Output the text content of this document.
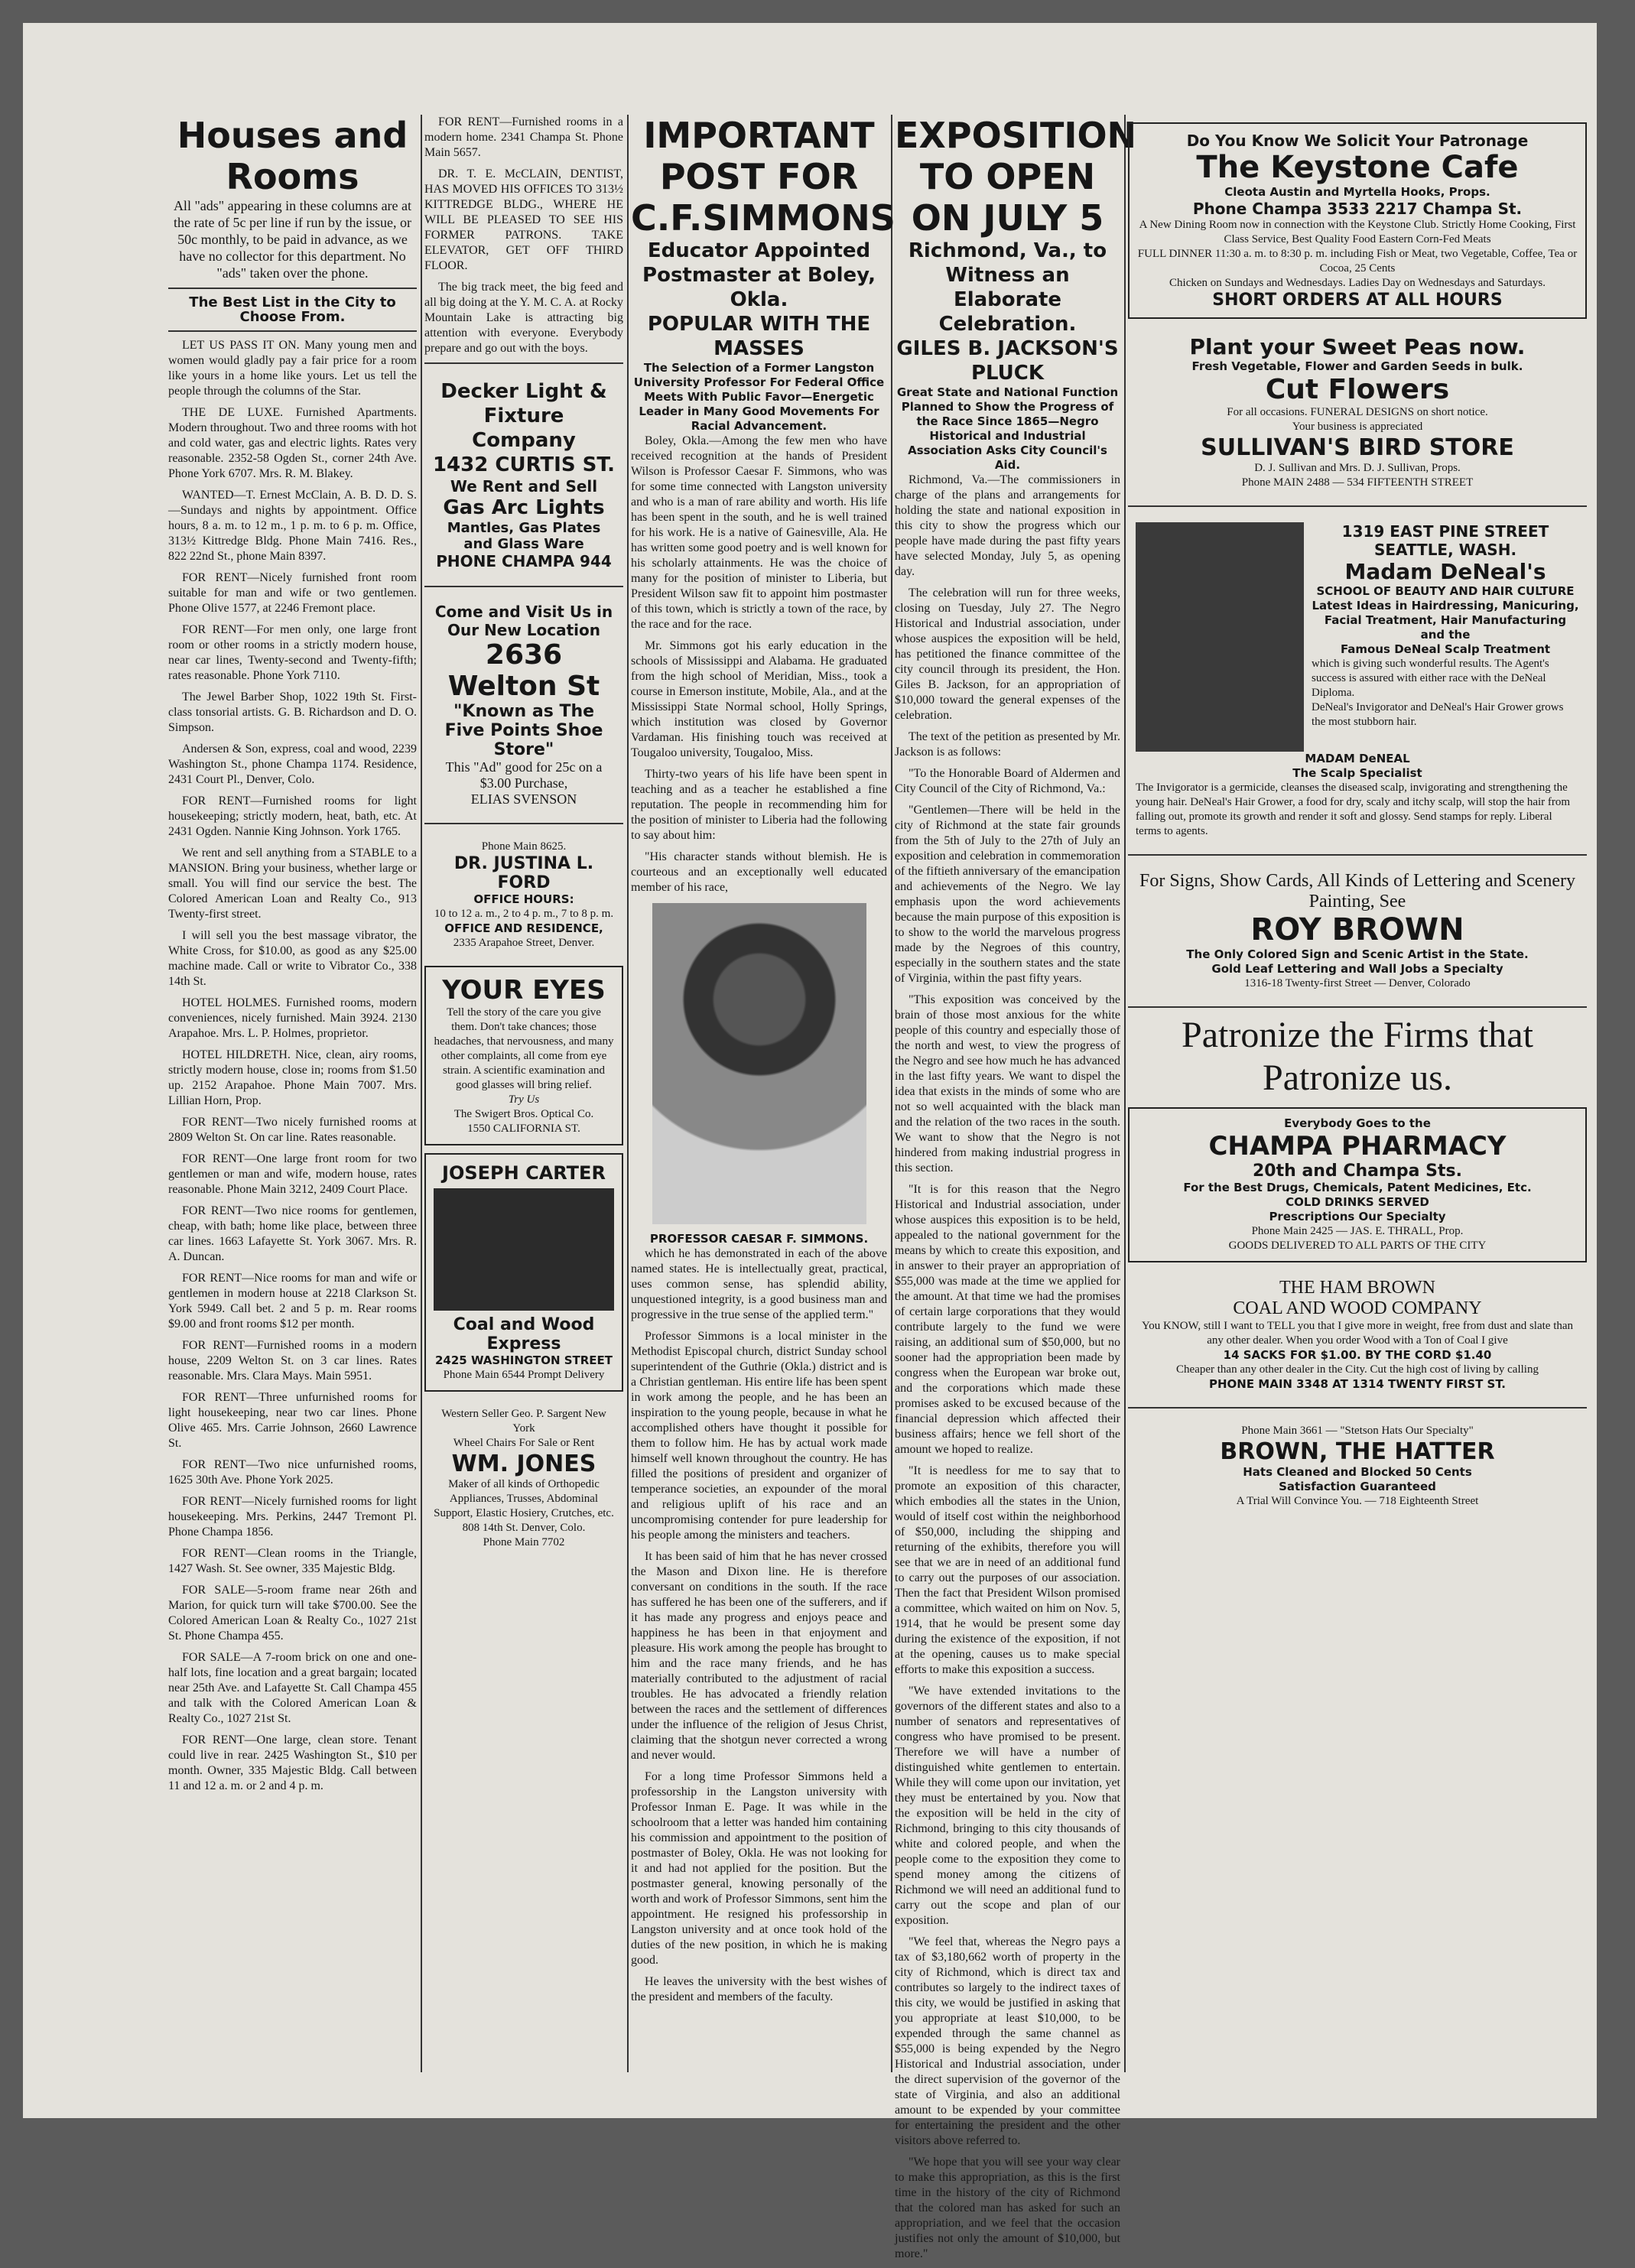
Houses and Rooms
All "ads" appearing in these columns are at the rate of 5c per line if run by the issue, or 50c monthly, to be paid in advance, as we have no collector for this department. No "ads" taken over the phone.
The Best List in the City to Choose From.

LET US PASS IT ON. Many young men and women would gladly pay a fair price for a room like yours in a home like yours. Let us tell the people through the columns of the Star.

THE DE LUXE. Furnished Apartments. Modern throughout. Two and three rooms with hot and cold water, gas and electric lights. Rates very reasonable. 2352-58 Ogden St., corner 24th Ave. Phone York 6707. Mrs. R. M. Blakey.

WANTED—T. Ernest McClain, A. B. D. D. S.—Sundays and nights by appointment. Office hours, 8 a. m. to 12 m., 1 p. m. to 6 p. m. Office, 313½ Kittredge Bldg. Phone Main 7416. Res., 822 22nd St., phone Main 8397.

FOR RENT—Nicely furnished front room suitable for man and wife or two gentlemen. Phone Olive 1577, at 2246 Fremont place.

FOR RENT—For men only, one large front room or other rooms in a strictly modern house, near car lines, Twenty-second and Twenty-fifth; rates reasonable. Phone York 7110.

The Jewel Barber Shop, 1022 19th St. First-class tonsorial artists. G. B. Richardson and D. O. Simpson.

Andersen & Son, express, coal and wood, 2239 Washington St., phone Champa 1174. Residence, 2431 Court Pl., Denver, Colo.

FOR RENT—Furnished rooms for light housekeeping; strictly modern, heat, bath, etc. At 2431 Ogden. Nannie King Johnson. York 1765.

We rent and sell anything from a STABLE to a MANSION. Bring your business, whether large or small. You will find our service the best. The Colored American Loan and Realty Co., 913 Twenty-first street.

I will sell you the best massage vibrator, the White Cross, for $10.00, as good as any $25.00 machine made. Call or write to Vibrator Co., 338 14th St.

HOTEL HOLMES. Furnished rooms, modern conveniences, nicely furnished. Main 3924. 2130 Arapahoe. Mrs. L. P. Holmes, proprietor.

HOTEL HILDRETH. Nice, clean, airy rooms, strictly modern house, close in; rooms from $1.50 up. 2152 Arapahoe. Phone Main 7007. Mrs. Lillian Horn, Prop.

FOR RENT—Two nicely furnished rooms at 2809 Welton St. On car line. Rates reasonable.

FOR RENT—One large front room for two gentlemen or man and wife, modern house, rates reasonable. Phone Main 3212, 2409 Court Place.

FOR RENT—Two nice rooms for gentlemen, cheap, with bath; home like place, between three car lines. 1663 Lafayette St. York 3067. Mrs. R. A. Duncan.

FOR RENT—Nice rooms for man and wife or gentlemen in modern house at 2218 Clarkson St. York 5949. Call bet. 2 and 5 p. m. Rear rooms $9.00 and front rooms $12 per month.

FOR RENT—Furnished rooms in a modern house, 2209 Welton St. on 3 car lines. Rates reasonable. Mrs. Clara Mays. Main 5951.

FOR RENT—Three unfurnished rooms for light housekeeping, near two car lines. Phone Olive 465. Mrs. Carrie Johnson, 2660 Lawrence St.

FOR RENT—Two nice unfurnished rooms, 1625 30th Ave. Phone York 2025.

FOR RENT—Nicely furnished rooms for light housekeeping. Mrs. Perkins, 2447 Tremont Pl. Phone Champa 1856.

FOR RENT—Clean rooms in the Triangle, 1427 Wash. St. See owner, 335 Majestic Bldg.

FOR SALE—5-room frame near 26th and Marion, for quick turn will take $700.00. See the Colored American Loan & Realty Co., 1027 21st St. Phone Champa 455.

FOR SALE—A 7-room brick on one and one-half lots, fine location and a great bargain; located near 25th Ave. and Lafayette St. Call Champa 455 and talk with the Colored American Loan & Realty Co., 1027 21st St.

FOR RENT—One large, clean store. Tenant could live in rear. 2425 Washington St., $10 per month. Owner, 335 Majestic Bldg. Call between 11 and 12 a. m. or 2 and 4 p. m.

FOR RENT—Furnished rooms in a modern home. 2341 Champa St. Phone Main 5657.

DR. T. E. McCLAIN, DENTIST, HAS MOVED HIS OFFICES TO 313½ KITTREDGE BLDG., WHERE HE WILL BE PLEASED TO SEE HIS FORMER PATRONS. TAKE ELEVATOR, GET OFF THIRD FLOOR.

The big track meet, the big feed and all big doing at the Y. M. C. A. at Rocky Mountain Lake is attracting big attention with everyone. Everybody prepare and go out with the boys.

Decker Light & Fixture Company
1432 CURTIS ST.
We Rent and Sell
Gas Arc Lights
Mantles, Gas Plates and Glass Ware
PHONE CHAMPA 944
Come and Visit Us in Our New Location
2636 Welton St
"Known as The Five Points Shoe Store"
This "Ad" good for 25c on a $3.00 Purchase,
ELIAS SVENSON
Phone Main 8625.
DR. JUSTINA L. FORD
OFFICE HOURS:
10 to 12 a. m., 2 to 4 p. m., 7 to 8 p. m.
OFFICE AND RESIDENCE,
2335 Arapahoe Street, Denver.
YOUR EYES
Tell the story of the care you give them. Don't take chances; those headaches, that nervousness, and many other complaints, all come from eye strain. A scientific examination and good glasses will bring relief.
Try Us
The Swigert Bros. Optical Co.
1550 CALIFORNIA ST.
JOSEPH CARTER
Coal and Wood Express
2425 WASHINGTON STREET
Phone Main 6544 Prompt Delivery
Western Seller Geo. P. Sargent New York
Wheel Chairs For Sale or Rent
WM. JONES
Maker of all kinds of Orthopedic Appliances, Trusses, Abdominal Support, Elastic Hosiery, Crutches, etc.
808 14th St. Denver, Colo.
Phone Main 7702
IMPORTANT POST FOR C.F.SIMMONS
Educator Appointed Postmaster at Boley, Okla.
POPULAR WITH THE MASSES
The Selection of a Former Langston University Professor For Federal Office Meets With Public Favor—Energetic Leader in Many Good Movements For Racial Advancement.

Boley, Okla.—Among the few men who have received recognition at the hands of President Wilson is Professor Caesar F. Simmons, who was for some time connected with Langston university and who is a man of rare ability and worth. His life has been spent in the south, and he is well trained for his work. He is a native of Gainesville, Ala. He has written some good poetry and is well known for his scholarly attainments. He was the choice of many for the position of minister to Liberia, but President Wilson saw fit to appoint him postmaster of this town, which is strictly a town of the race, by the race and for the race.

Mr. Simmons got his early education in the schools of Mississippi and Alabama. He graduated from the high school of Meridian, Miss., took a course in Emerson institute, Mobile, Ala., and at the Mississippi State Normal school, Holly Springs, which institution was closed by Governor Vardaman. His finishing touch was received at Tougaloo university, Tougaloo, Miss.

Thirty-two years of his life have been spent in teaching and as a teacher he established a fine reputation. The people in recommending him for the position of minister to Liberia had the following to say about him:

"His character stands without blemish. He is courteous and an exceptionally well educated member of his race,

PROFESSOR CAESAR F. SIMMONS.

which he has demonstrated in each of the above named states. He is intellectually great, practical, uses common sense, has splendid ability, unquestioned integrity, is a good business man and progressive in the true sense of the applied term."

Professor Simmons is a local minister in the Methodist Episcopal church, district Sunday school superintendent of the Guthrie (Okla.) district and is a Christian gentleman. His entire life has been spent in work among the people, and he has been an inspiration to the young people, because in what he accomplished others have thought it possible for them to follow him. He has by actual work made himself well known throughout the country. He has filled the positions of president and organizer of temperance societies, an expounder of the moral and religious uplift of his race and an uncompromising contender for pure leadership for his people among the ministers and teachers.

It has been said of him that he has never crossed the Mason and Dixon line. He is therefore conversant on conditions in the south. If the race has suffered he has been one of the sufferers, and if it has made any progress and enjoys peace and happiness he has been in that enjoyment and pleasure. His work among the people has brought to him and the race many friends, and he has materially contributed to the adjustment of racial troubles. He has advocated a friendly relation between the races and the settlement of differences under the influence of the religion of Jesus Christ, claiming that the shotgun never corrected a wrong and never would.

For a long time Professor Simmons held a professorship in the Langston university with Professor Inman E. Page. It was while in the schoolroom that a letter was handed him containing his commission and appointment to the position of postmaster of Boley, Okla. He was not looking for it and had not applied for the position. But the postmaster general, knowing personally of the worth and work of Professor Simmons, sent him the appointment. He resigned his professorship in Langston university and at once took hold of the duties of the new position, in which he is making good.

He leaves the university with the best wishes of the president and members of the faculty.

EXPOSITION TO OPEN ON JULY 5
Richmond, Va., to Witness an Elaborate Celebration.
GILES B. JACKSON'S PLUCK
Great State and National Function Planned to Show the Progress of the Race Since 1865—Negro Historical and Industrial Association Asks City Council's Aid.

Richmond, Va.—The commissioners in charge of the plans and arrangements for holding the state and national exposition in this city to show the progress which our people have made during the past fifty years have selected Monday, July 5, as opening day.

The celebration will run for three weeks, closing on Tuesday, July 27. The Negro Historical and Industrial association, under whose auspices the exposition will be held, has petitioned the finance committee of the city council through its president, the Hon. Giles B. Jackson, for an appropriation of $10,000 toward the general expenses of the celebration.

The text of the petition as presented by Mr. Jackson is as follows:

"To the Honorable Board of Aldermen and City Council of the City of Richmond, Va.:

"Gentlemen—There will be held in the city of Richmond at the state fair grounds from the 5th of July to the 27th of July an exposition and celebration in commemoration of the fiftieth anniversary of the emancipation and achievements of the Negro. We lay emphasis upon the word achievements because the main purpose of this exposition is to show to the world the marvelous progress made by the Negroes of this country, especially in the southern states and the state of Virginia, within the past fifty years.

"This exposition was conceived by the brain of those most anxious for the white people of this country and especially those of the north and west, to view the progress of the Negro and see how much he has advanced in the last fifty years. We want to dispel the idea that exists in the minds of some who are not so well acquainted with the black man and the relation of the two races in the south. We want to show that the Negro is not hindered from making industrial progress in this section.

"It is for this reason that the Negro Historical and Industrial association, under whose auspices this exposition is to be held, appealed to the national government for the means by which to create this exposition, and in answer to their prayer an appropriation of $55,000 was made at the time we applied for the amount. At that time we had the promises of certain large corporations that they would contribute largely to the fund we were raising, an additional sum of $50,000, but no sooner had the appropriation been made by congress when the European war broke out, and the corporations which made these promises asked to be excused because of the financial depression which affected their business affairs; hence we fell short of the amount we hoped to realize.

"It is needless for me to say that to promote an exposition of this character, which embodies all the states in the Union, would of itself cost within the neighborhood of $50,000, including the shipping and returning of the exhibits, therefore you will see that we are in need of an additional fund to carry out the purposes of our association. Then the fact that President Wilson promised a committee, which waited on him on Nov. 5, 1914, that he would be present some day during the existence of the exposition, if not at the opening, causes us to make special efforts to make this exposition a success.

"We have extended invitations to the governors of the different states and also to a number of senators and representatives of congress who have promised to be present. Therefore we will have a number of distinguished white gentlemen to entertain. While they will come upon our invitation, yet they must be entertained by you. Now that the exposition will be held in the city of Richmond, bringing to this city thousands of white and colored people, and when the people come to the exposition they come to spend money among the citizens of Richmond we will need an additional fund to carry out the scope and plan of our exposition.

"We feel that, whereas the Negro pays a tax of $3,180,662 worth of property in the city of Richmond, which is direct tax and contributes so largely to the indirect taxes of this city, we would be justified in asking that you appropriate at least $10,000, to be expended through the same channel as $55,000 is being expended by the Negro Historical and Industrial association, under the direct supervision of the governor of the state of Virginia, and also an additional amount to be expended by your committee for entertaining the president and the other visitors above referred to.

"We hope that you will see your way clear to make this appropriation, as this is the first time in the history of the city of Richmond that the colored man has asked for such an appropriation, and we feel that the occasion justifies not only the amount of $10,000, but more."

Do You Know We Solicit Your Patronage
The Keystone Cafe
Cleota Austin and Myrtella Hooks, Props.
Phone Champa 3533 2217 Champa St.
A New Dining Room now in connection with the Keystone Club. Strictly Home Cooking, First Class Service, Best Quality Food Eastern Corn-Fed Meats
FULL DINNER 11:30 a. m. to 8:30 p. m. including Fish or Meat, two Vegetable, Coffee, Tea or Cocoa, 25 Cents
Chicken on Sundays and Wednesdays. Ladies Day on Wednesdays and Saturdays.
SHORT ORDERS AT ALL HOURS
Plant your Sweet Peas now.
Fresh Vegetable, Flower and Garden Seeds in bulk.
Cut Flowers
For all occasions. FUNERAL DESIGNS on short notice.
Your business is appreciated
SULLIVAN'S BIRD STORE
D. J. Sullivan and Mrs. D. J. Sullivan, Props.
Phone MAIN 2488 — 534 FIFTEENTH STREET
1319 EAST PINE STREET
SEATTLE, WASH.
Madam DeNeal's
SCHOOL OF BEAUTY AND HAIR CULTURE
Latest Ideas in Hairdressing, Manicuring, Facial Treatment, Hair Manufacturing and the
Famous DeNeal Scalp Treatment
which is giving such wonderful results. The Agent's success is assured with either race with the DeNeal Diploma.
DeNeal's Invigorator and DeNeal's Hair Grower grows the most stubborn hair.
MADAM DeNEAL
The Scalp Specialist
The Invigorator is a germicide, cleanses the diseased scalp, invigorating and strengthening the young hair. DeNeal's Hair Grower, a food for dry, scaly and itchy scalp, will stop the hair from falling out, promote its growth and render it soft and glossy. Send stamps for reply. Liberal terms to agents.
For Signs, Show Cards, All Kinds of Lettering and Scenery Painting, See
ROY BROWN
The Only Colored Sign and Scenic Artist in the State.
Gold Leaf Lettering and Wall Jobs a Specialty
1316-18 Twenty-first Street — Denver, Colorado
Patronize the Firms that Patronize us.
Everybody Goes to the
CHAMPA PHARMACY
20th and Champa Sts.
For the Best Drugs, Chemicals, Patent Medicines, Etc.
COLD DRINKS SERVED
Prescriptions Our Specialty
Phone Main 2425 — JAS. E. THRALL, Prop.
GOODS DELIVERED TO ALL PARTS OF THE CITY
THE HAM BROWN
COAL AND WOOD COMPANY
You KNOW, still I want to TELL you that I give more in weight, free from dust and slate than any other dealer. When you order Wood with a Ton of Coal I give
14 SACKS FOR $1.00. BY THE CORD $1.40
Cheaper than any other dealer in the City. Cut the high cost of living by calling
PHONE MAIN 3348 AT 1314 TWENTY FIRST ST.
Phone Main 3661 — "Stetson Hats Our Specialty"
BROWN, THE HATTER
Hats Cleaned and Blocked 50 Cents
Satisfaction Guaranteed
A Trial Will Convince You. — 718 Eighteenth Street
